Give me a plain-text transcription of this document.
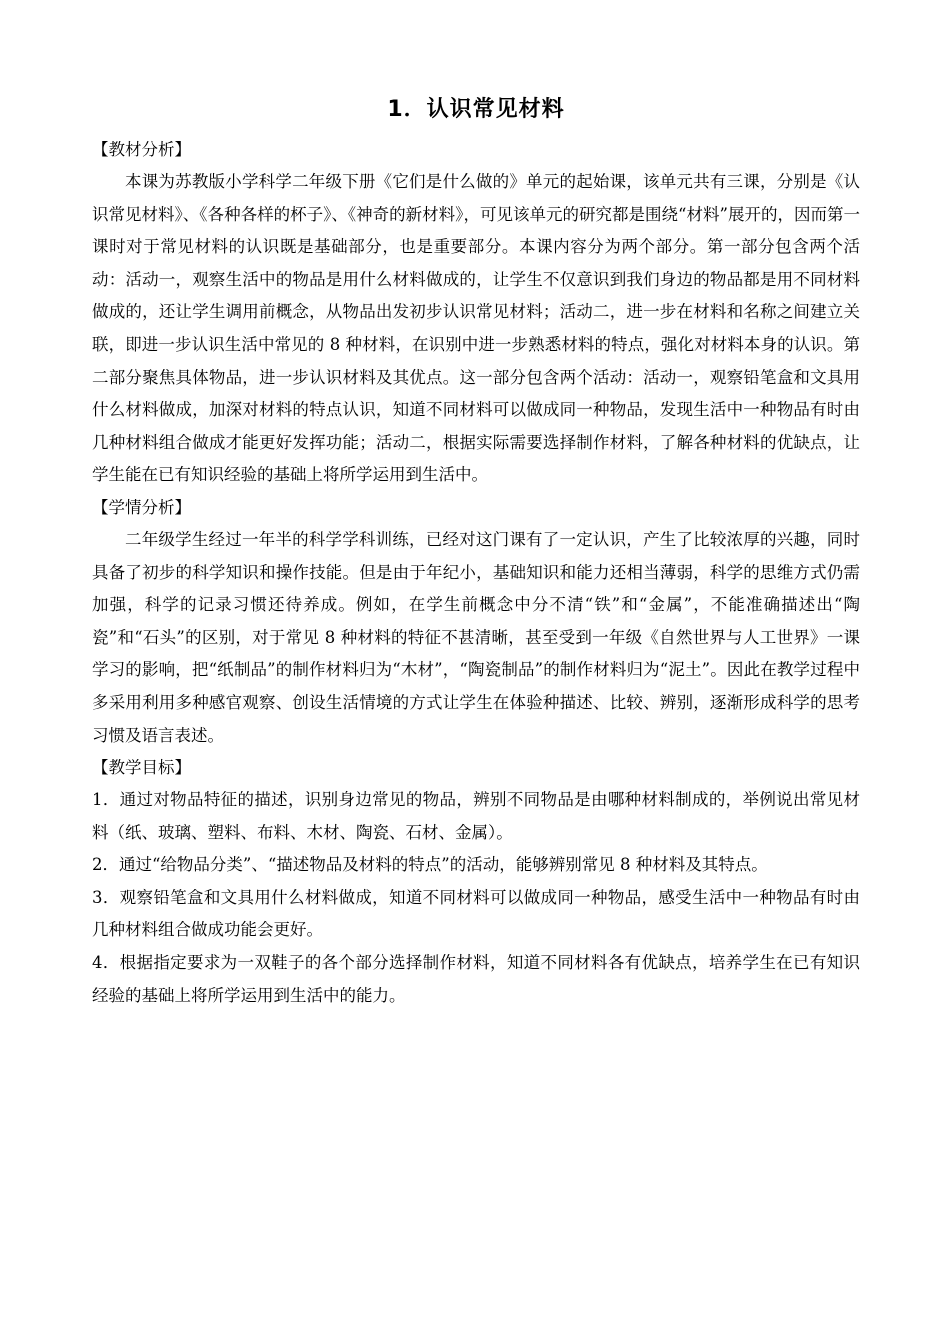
1．认识常见材料

【教材分析】

本课为苏教版小学科学二年级下册《它们是什么做的》单元的起始课，该单元共有三课，分别是《认识常见材料》、《各种各样的杯子》、《神奇的新材料》，可见该单元的研究都是围绕“材料”展开的，因而第一课时对于常见材料的认识既是基础部分，也是重要部分。本课内容分为两个部分。第一部分包含两个活动：活动一，观察生活中的物品是用什么材料做成的，让学生不仅意识到我们身边的物品都是用不同材料做成的，还让学生调用前概念，从物品出发初步认识常见材料；活动二，进一步在材料和名称之间建立关联，即进一步认识生活中常见的 8 种材料，在识别中进一步熟悉材料的特点，强化对材料本身的认识。第二部分聚焦具体物品，进一步认识材料及其优点。这一部分包含两个活动：活动一，观察铅笔盒和文具用什么材料做成，加深对材料的特点认识，知道不同材料可以做成同一种物品，发现生活中一种物品有时由几种材料组合做成才能更好发挥功能；活动二，根据实际需要选择制作材料，了解各种材料的优缺点，让学生能在已有知识经验的基础上将所学运用到生活中。

【学情分析】

二年级学生经过一年半的科学学科训练，已经对这门课有了一定认识，产生了比较浓厚的兴趣，同时具备了初步的科学知识和操作技能。但是由于年纪小，基础知识和能力还相当薄弱，科学的思维方式仍需加强，科学的记录习惯还待养成。例如，在学生前概念中分不清“铁”和“金属”，不能准确描述出“陶瓷”和“石头”的区别，对于常见 8 种材料的特征不甚清晰，甚至受到一年级《自然世界与人工世界》一课学习的影响，把“纸制品”的制作材料归为“木材”，“陶瓷制品”的制作材料归为“泥土”。因此在教学过程中多采用利用多种感官观察、创设生活情境的方式让学生在体验种描述、比较、辨别，逐渐形成科学的思考习惯及语言表述。

【教学目标】

1．通过对物品特征的描述，识别身边常见的物品，辨别不同物品是由哪种材料制成的，举例说出常见材料（纸、玻璃、塑料、布料、木材、陶瓷、石材、金属）。

2．通过“给物品分类”、“描述物品及材料的特点”的活动，能够辨别常见 8 种材料及其特点。

3．观察铅笔盒和文具用什么材料做成，知道不同材料可以做成同一种物品，感受生活中一种物品有时由几种材料组合做成功能会更好。

4．根据指定要求为一双鞋子的各个部分选择制作材料，知道不同材料各有优缺点，培养学生在已有知识经验的基础上将所学运用到生活中的能力。
